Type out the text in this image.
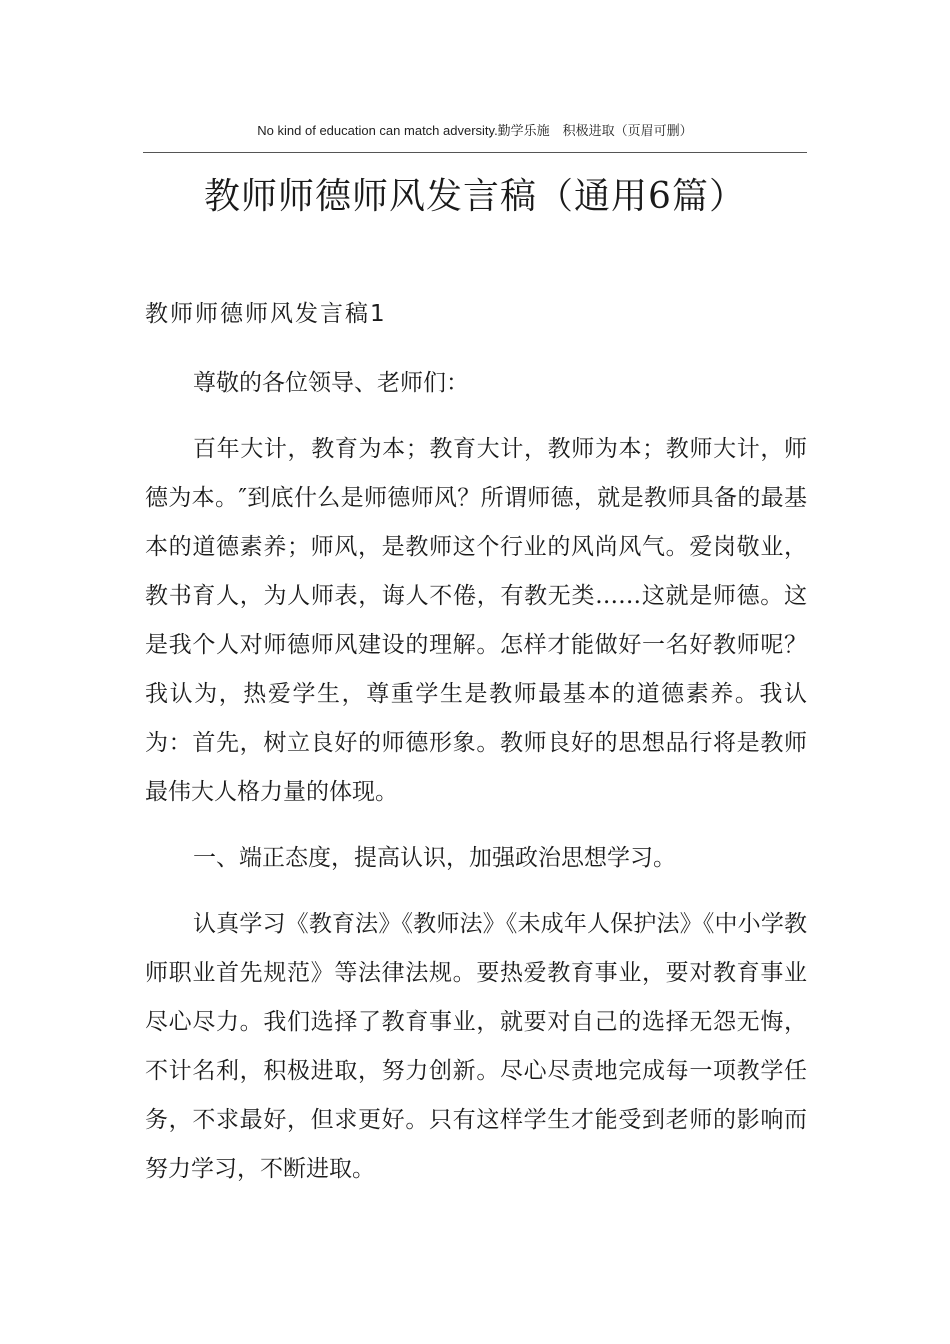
No kind of education can match adversity.勤学乐施　积极进取（页眉可删）
教师师德师风发言稿（通用6篇）
教师师德师风发言稿1

尊敬的各位领导、老师们：

百年大计，教育为本；教育大计，教师为本；教师大计，师德为本。″到底什么是师德师风？所谓师德，就是教师具备的最基本的道德素养；师风，是教师这个行业的风尚风气。爱岗敬业，教书育人，为人师表，诲人不倦，有教无类……这就是师德。这是我个人对师德师风建设的理解。怎样才能做好一名好教师呢？我认为，热爱学生，尊重学生是教师最基本的道德素养。我认为：首先，树立良好的师德形象。教师良好的思想品行将是教师最伟大人格力量的体现。

一、端正态度，提高认识，加强政治思想学习。

认真学习《教育法》《教师法》《未成年人保护法》《中小学教师职业首先规范》等法律法规。要热爱教育事业，要对教育事业尽心尽力。我们选择了教育事业，就要对自己的选择无怨无悔，不计名利，积极进取，努力创新。尽心尽责地完成每一项教学任务，不求最好，但求更好。只有这样学生才能受到老师的影响而努力学习，不断进取。
